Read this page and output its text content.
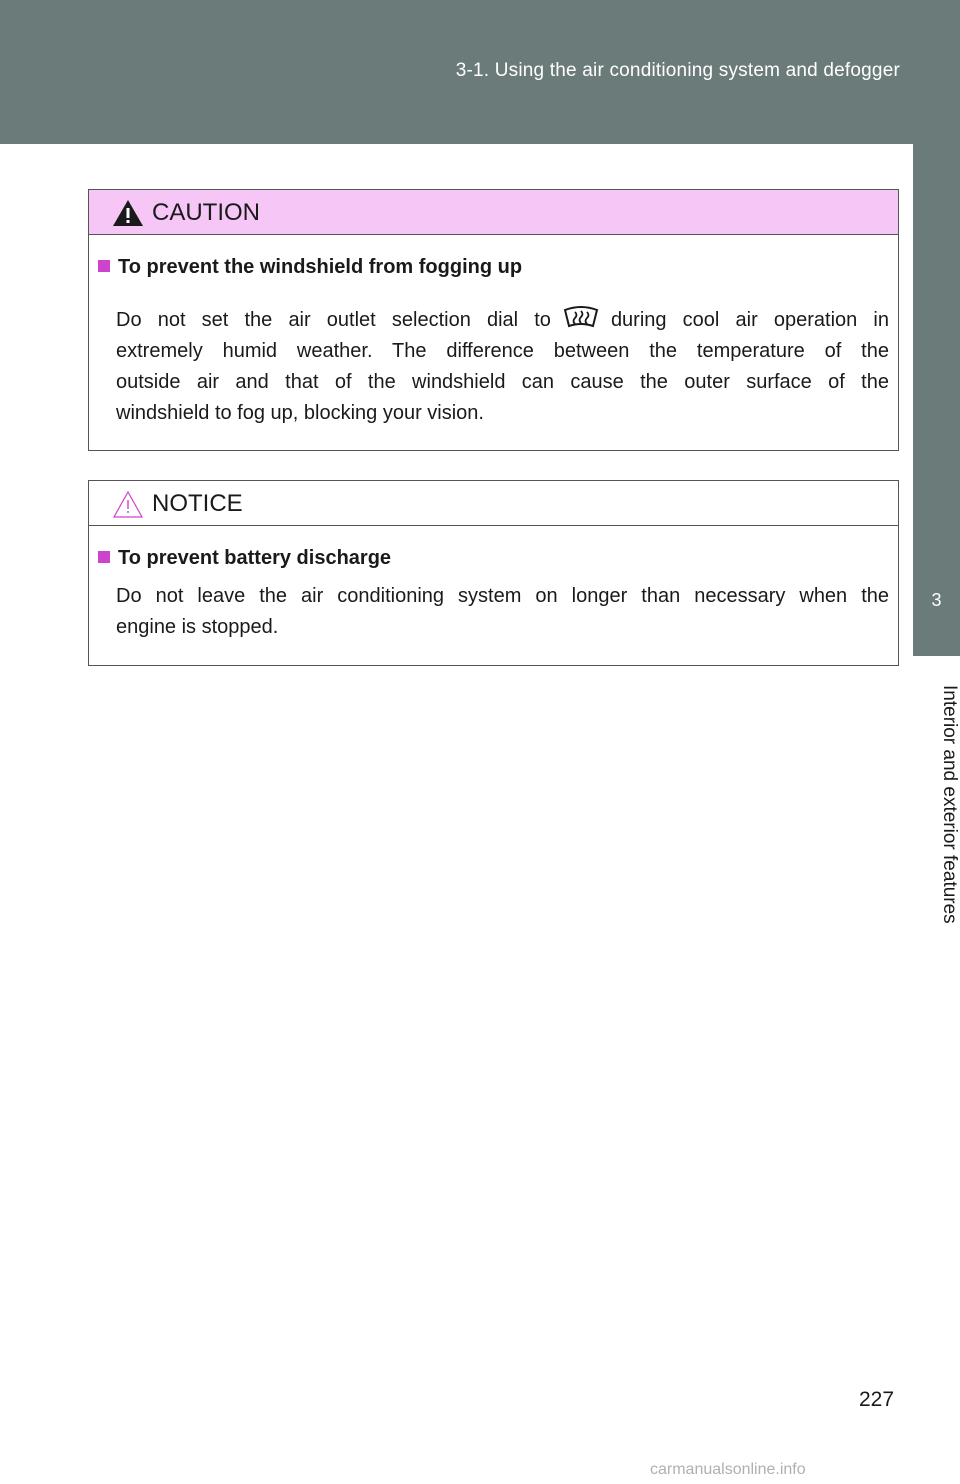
3-1. Using the air conditioning system and defogger
3
Interior and exterior features
CAUTION
To prevent the windshield from fogging up
Do not set the air outlet selection dial to	during cool air operation in
extremely humid weather. The difference between the temperature of the
outside air and that of the windshield can cause the outer surface of the
windshield to fog up, blocking your vision.
NOTICE
To prevent battery discharge
Do not leave the air conditioning system on longer than necessary when the
engine is stopped.
227
carmanualsonline.info
